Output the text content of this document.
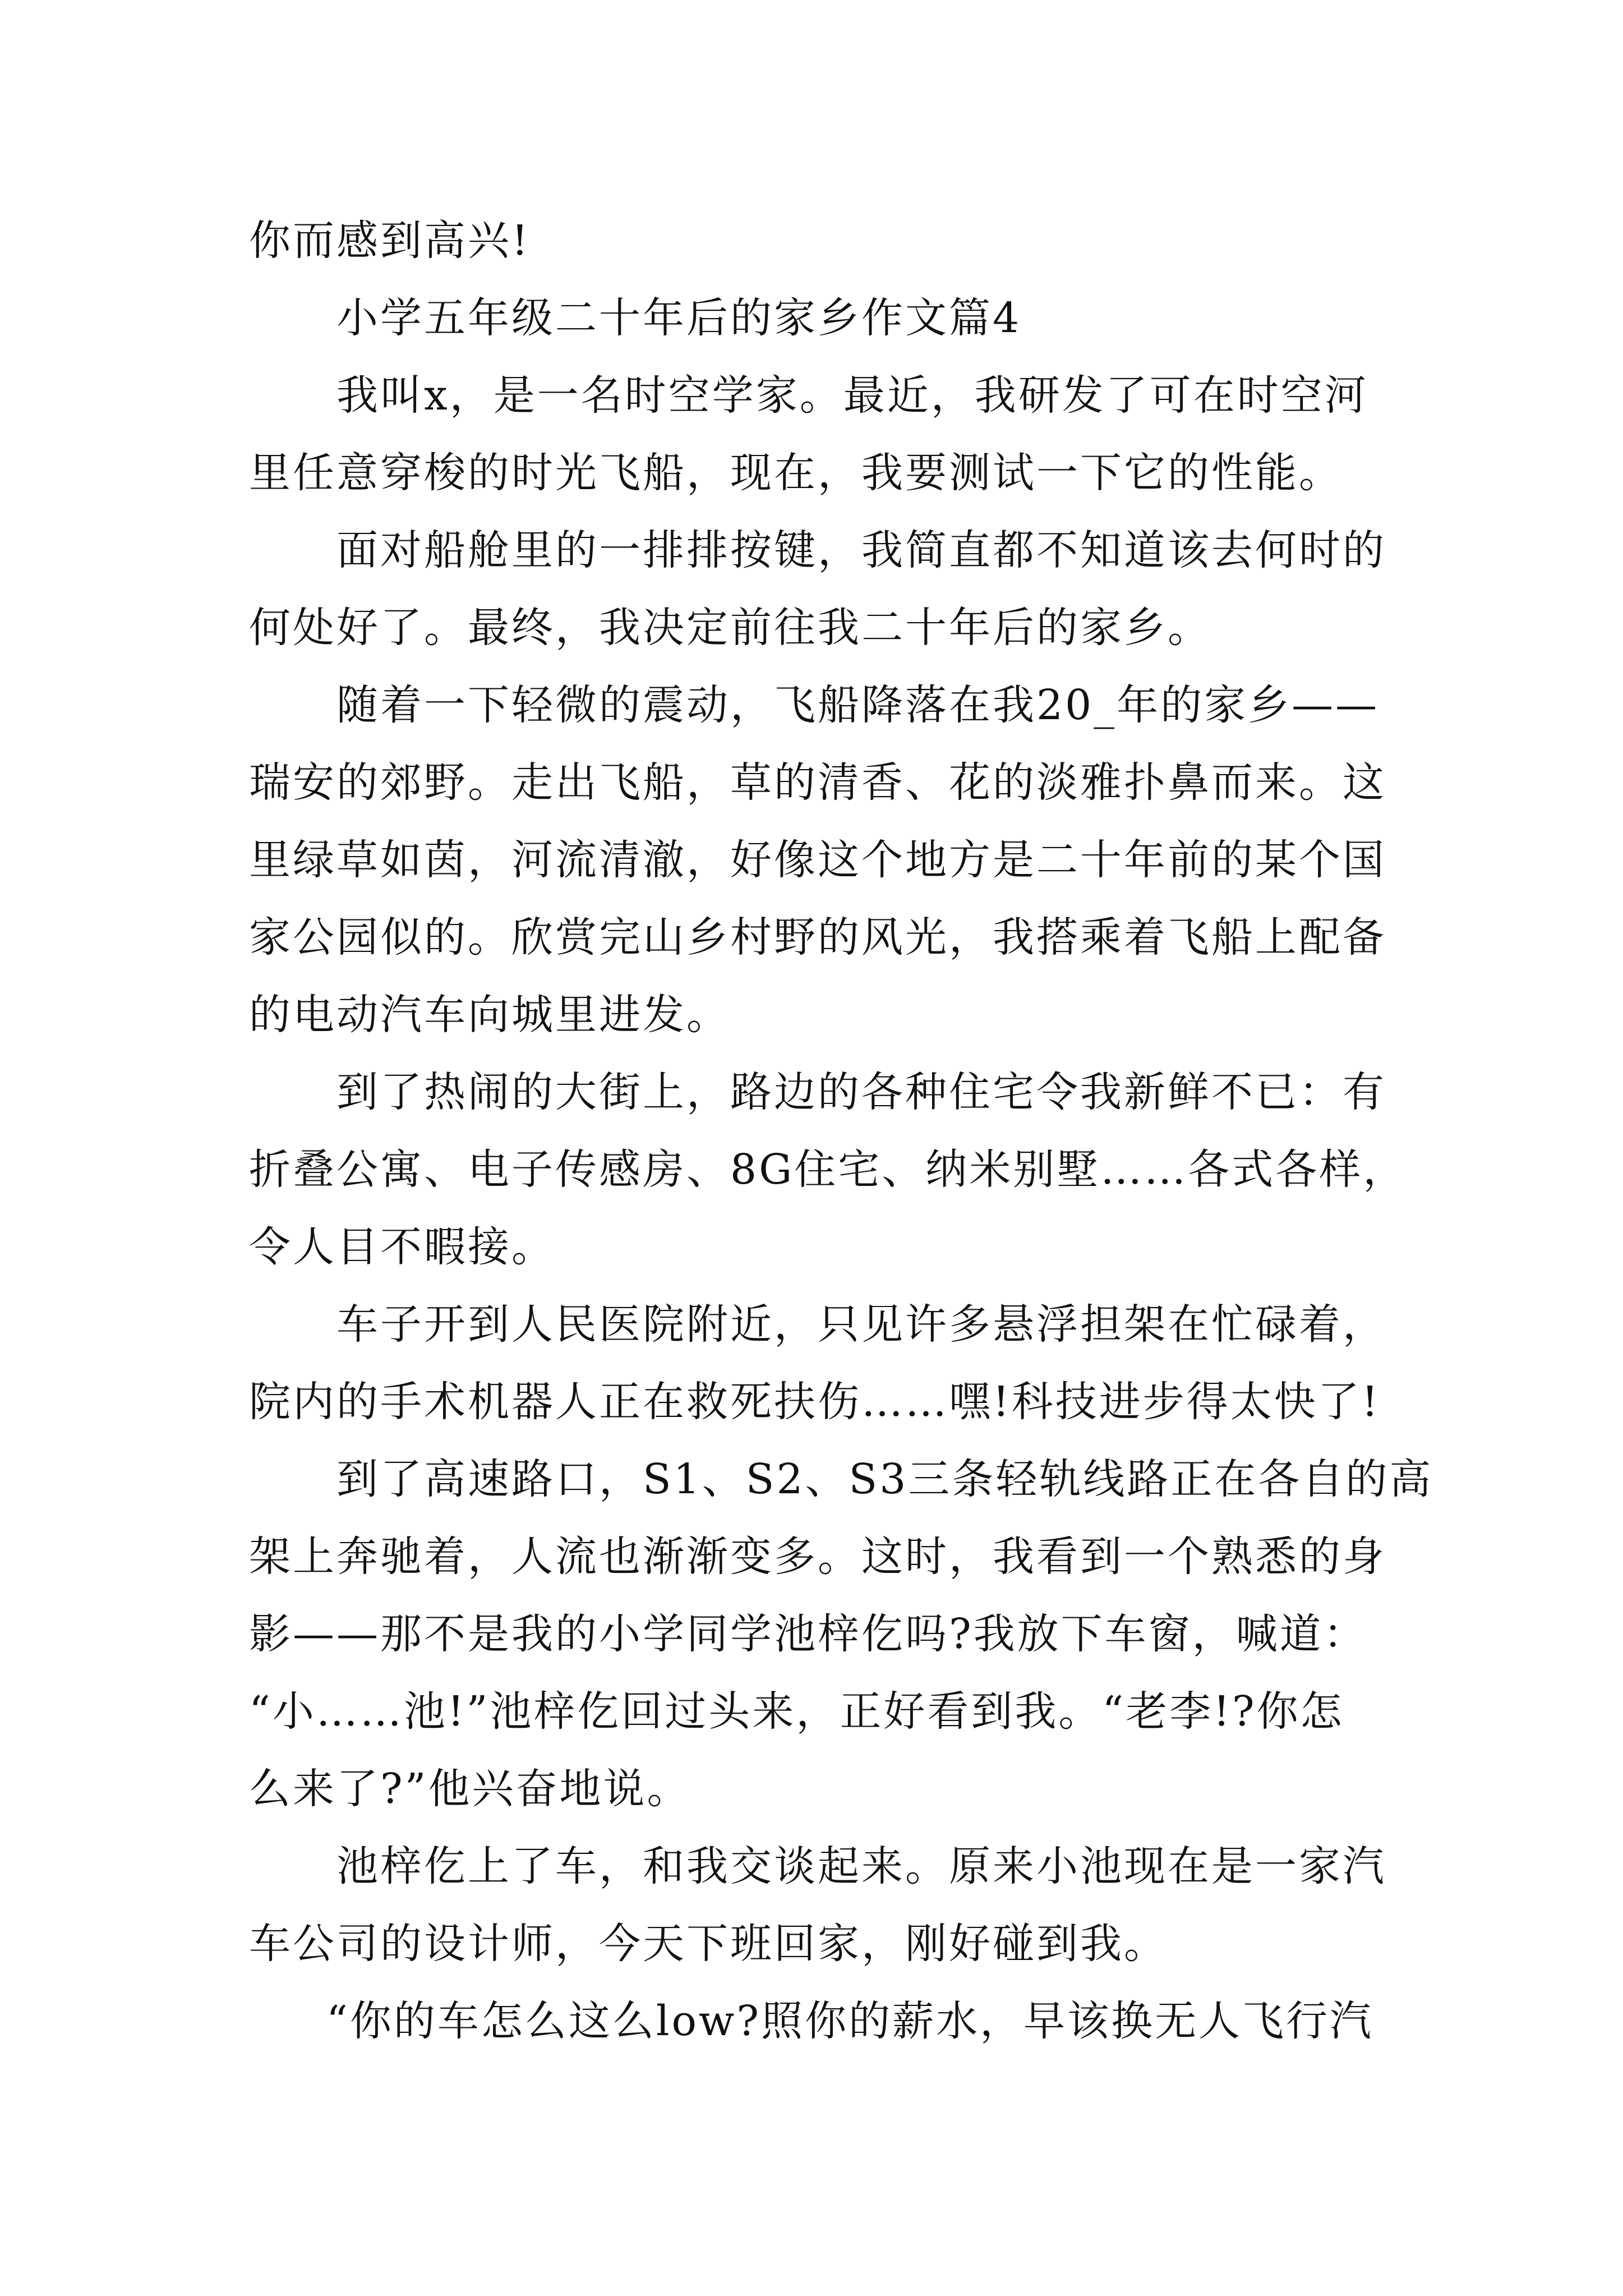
你而感到高兴!
小学五年级二十年后的家乡作文篇4
我叫x，是一名时空学家。最近，我研发了可在时空河
里任意穿梭的时光飞船，现在，我要测试一下它的性能。
面对船舱里的一排排按键，我简直都不知道该去何时的
何处好了。最终，我决定前往我二十年后的家乡。
随着一下轻微的震动，飞船降落在我20_年的家乡——
瑞安的郊野。走出飞船，草的清香、花的淡雅扑鼻而来。这
里绿草如茵，河流清澈，好像这个地方是二十年前的某个国
家公园似的。欣赏完山乡村野的风光，我搭乘着飞船上配备
的电动汽车向城里进发。
到了热闹的大街上，路边的各种住宅令我新鲜不已：有
折叠公寓、电子传感房、8G住宅、纳米别墅……各式各样，
令人目不暇接。
车子开到人民医院附近，只见许多悬浮担架在忙碌着，
院内的手术机器人正在救死扶伤……嘿!科技进步得太快了!
到了高速路口，S1、S2、S3三条轻轨线路正在各自的高
架上奔驰着，人流也渐渐变多。这时，我看到一个熟悉的身
影——那不是我的小学同学池梓仡吗?我放下车窗，喊道：
“小……池!”池梓仡回过头来，正好看到我。“老李!?你怎
么来了?”他兴奋地说。
池梓仡上了车，和我交谈起来。原来小池现在是一家汽
车公司的设计师，今天下班回家，刚好碰到我。
“你的车怎么这么low?照你的薪水，早该换无人飞行汽
